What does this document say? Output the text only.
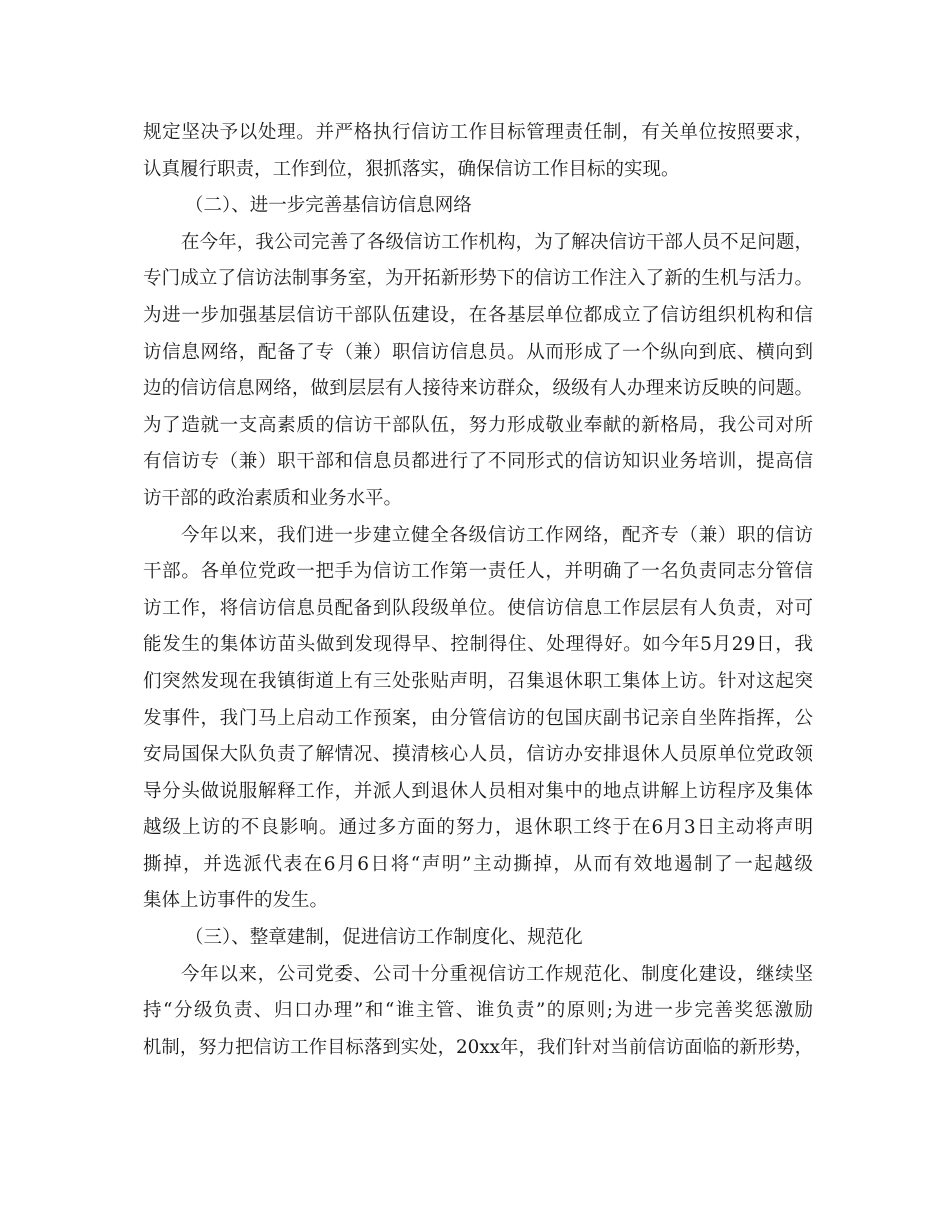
规定坚决予以处理。并严格执行信访工作目标管理责任制，有关单位按照要求，
认真履行职责，工作到位，狠抓落实，确保信访工作目标的实现。
（二）、进一步完善基信访信息网络
在今年，我公司完善了各级信访工作机构，为了解决信访干部人员不足问题，
专门成立了信访法制事务室，为开拓新形势下的信访工作注入了新的生机与活力。
为进一步加强基层信访干部队伍建设，在各基层单位都成立了信访组织机构和信
访信息网络，配备了专（兼）职信访信息员。从而形成了一个纵向到底、横向到
边的信访信息网络，做到层层有人接待来访群众，级级有人办理来访反映的问题。
为了造就一支高素质的信访干部队伍，努力形成敬业奉献的新格局，我公司对所
有信访专（兼）职干部和信息员都进行了不同形式的信访知识业务培训，提高信
访干部的政治素质和业务水平。
今年以来，我们进一步建立健全各级信访工作网络，配齐专（兼）职的信访
干部。各单位党政一把手为信访工作第一责任人，并明确了一名负责同志分管信
访工作，将信访信息员配备到队段级单位。使信访信息工作层层有人负责，对可
能发生的集体访苗头做到发现得早、控制得住、处理得好。如今年5月29日，我
们突然发现在我镇街道上有三处张贴声明，召集退休职工集体上访。针对这起突
发事件，我门马上启动工作预案，由分管信访的包国庆副书记亲自坐阵指挥，公
安局国保大队负责了解情况、摸清核心人员，信访办安排退休人员原单位党政领
导分头做说服解释工作，并派人到退休人员相对集中的地点讲解上访程序及集体
越级上访的不良影响。通过多方面的努力，退休职工终于在6月3日主动将声明
撕掉，并选派代表在6月6日将“声明”主动撕掉，从而有效地遏制了一起越级
集体上访事件的发生。
（三）、整章建制，促进信访工作制度化、规范化
今年以来，公司党委、公司十分重视信访工作规范化、制度化建设，继续坚
持“分级负责、归口办理”和“谁主管、谁负责”的原则;为进一步完善奖惩激励
机制，努力把信访工作目标落到实处，20xx年，我们针对当前信访面临的新形势，
